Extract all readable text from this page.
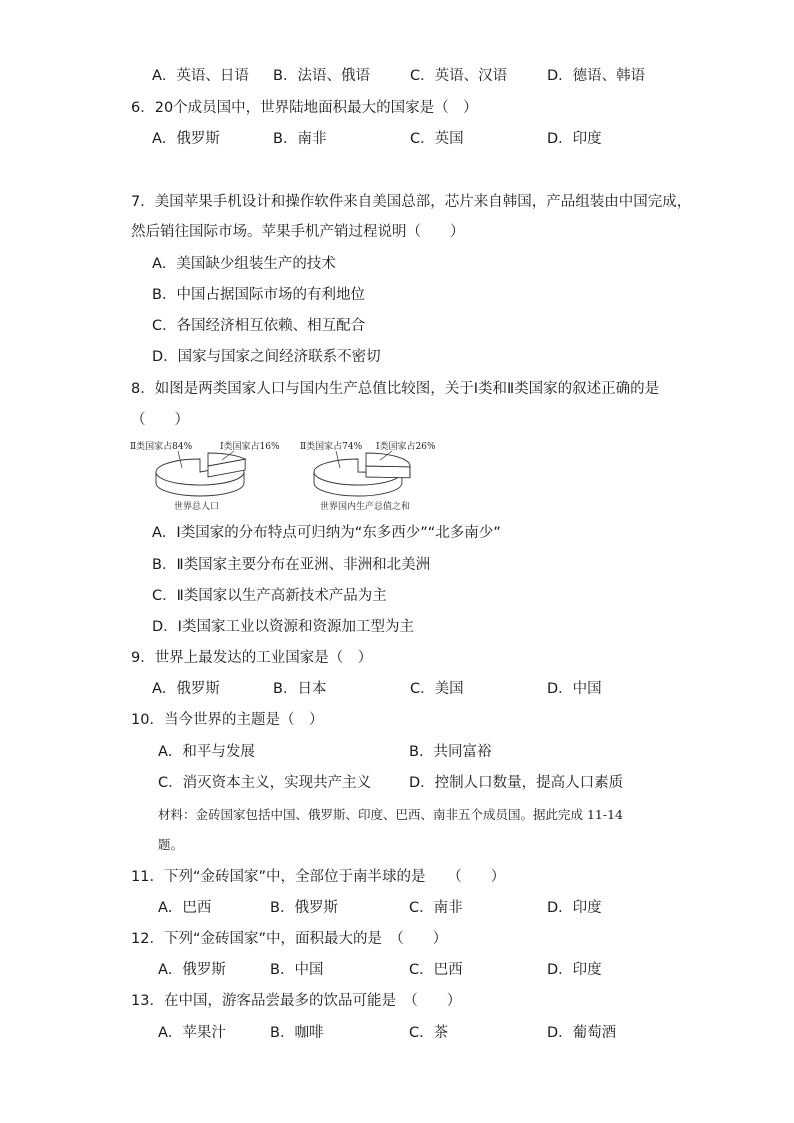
A．英语、日语 B．法语、俄语	C．英语、汉语	D．德语、韩语
6．20个成员国中，世界陆地面积最大的国家是（　）
A．俄罗斯	B．南非	C．英国	D．印度
7．美国苹果手机设计和操作软件来自美国总部，芯片来自韩国，产品组装由中国完成，
然后销往国际市场。苹果手机产销过程说明（　　）
A．美国缺少组装生产的技术
B．中国占据国际市场的有利地位
C．各国经济相互依赖、相互配合
D．国家与国家之间经济联系不密切
8．如图是两类国家人口与国内生产总值比较图，关于Ⅰ类和Ⅱ类国家的叙述正确的是
（　　）
Ⅱ类国家占84%	Ⅰ类国家占16% Ⅱ类国家占74% Ⅰ类国家占26%
世界总人口	世界国内生产总值之和
A．Ⅰ类国家的分布特点可归纳为“东多西少”“北多南少”
B．Ⅱ类国家主要分布在亚洲、非洲和北美洲
C．Ⅱ类国家以生产高新技术产品为主
D．Ⅰ类国家工业以资源和资源加工型为主
9．世界上最发达的工业国家是（　）
A．俄罗斯	B．日本	C．美国	D．中国
10．当今世界的主题是（　）
A．和平与发展	B．共同富裕
C．消灭资本主义，实现共产主义	D．控制人口数量，提高人口素质
材料：金砖国家包括中国、俄罗斯、印度、巴西、南非五个成员国。据此完成 11-14
题。
11．下列“金砖国家”中，全部位于南半球的是　　（　　）
A．巴西	B．俄罗斯	C．南非	D．印度
12．下列“金砖国家”中，面积最大的是　（　　）
A．俄罗斯	B．中国	C．巴西	D．印度
13．在中国，游客品尝最多的饮品可能是　（　　）
A．苹果汁	B．咖啡	C．茶	D．葡萄酒
